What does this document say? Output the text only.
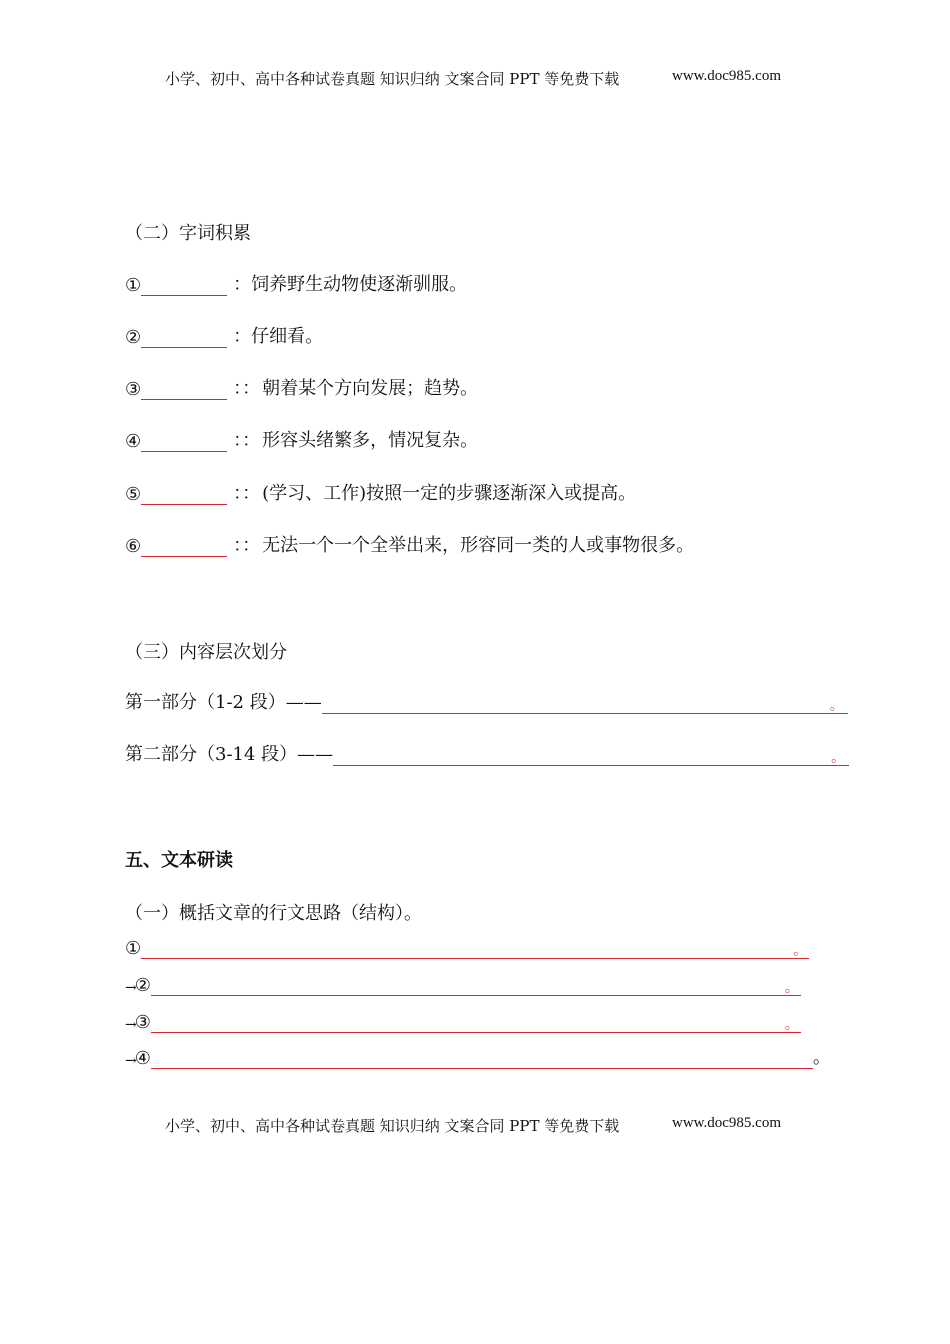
小学、初中、高中各种试卷真题 知识归纳 文案合同 PPT 等免费下载	www.doc985.com
（二）字词积累
①	： 饲养野生动物使逐渐驯服。
②	： 仔细看。
③	：： 朝着某个方向发展；趋势。
④	：： 形容头绪繁多，情况复杂。
⑤	：： (学习、工作)按照一定的步骤逐渐深入或提高。
⑥	：： 无法一个一个全举出来，形容同一类的人或事物很多。
（三）内容层次划分
第一部分（1-2 段）——	。
第二部分（3-14 段）——	。
五、文本研读
（一）概括文章的行文思路（结构）。
①	。
→ ②	。
→ ③	。
→ ④	。
小学、初中、高中各种试卷真题 知识归纳 文案合同 PPT 等免费下载	www.doc985.com
